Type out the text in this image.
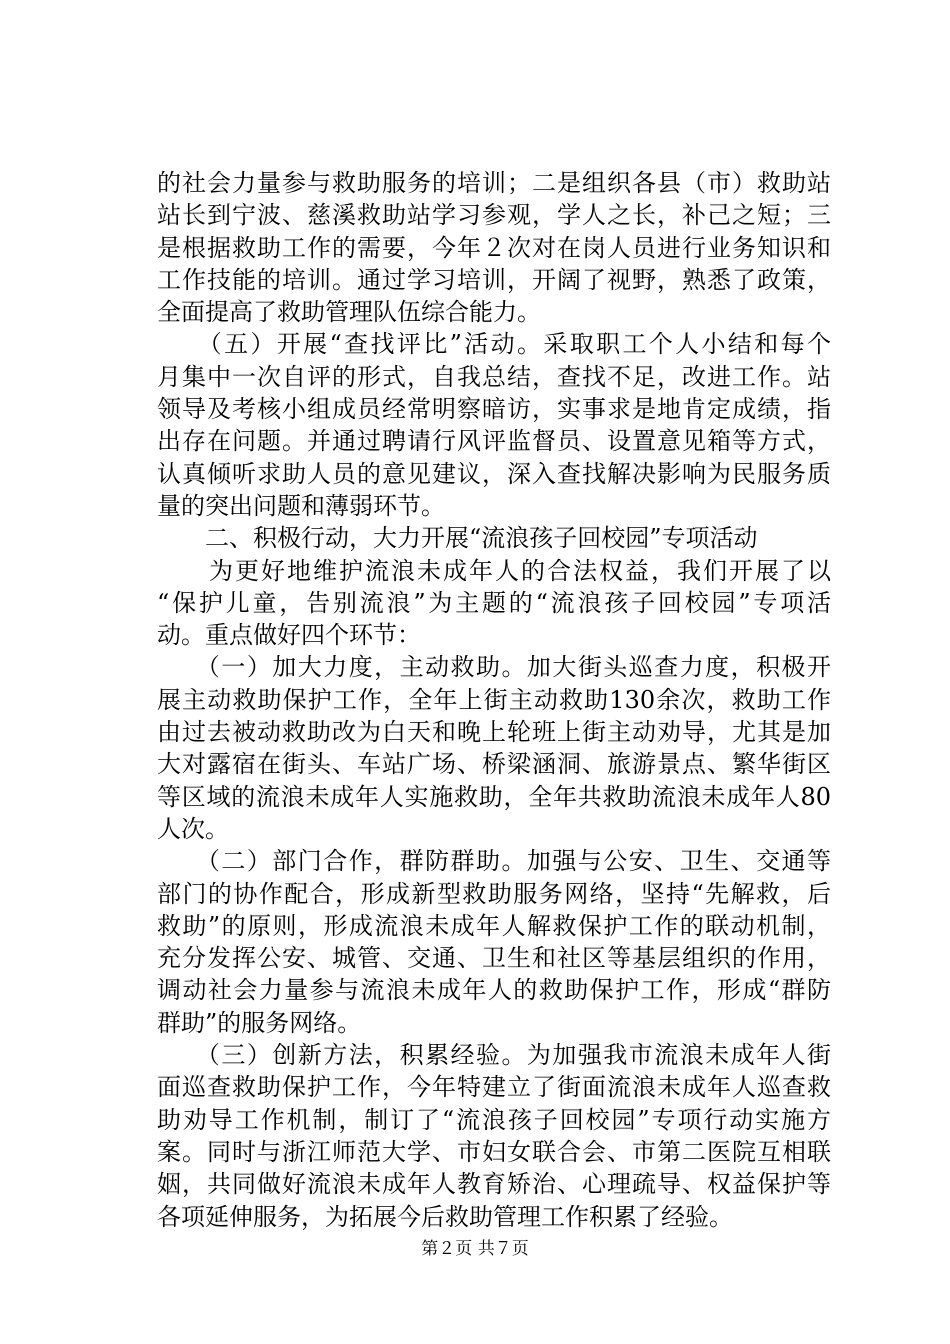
的社会力量参与救助服务的培训；二是组织各县（市）救助站
站长到宁波、慈溪救助站学习参观，学人之长，补己之短；三
是根据救助工作的需要，今年２次对在岗人员进行业务知识和
工作技能的培训。通过学习培训，开阔了视野，熟悉了政策，
全面提高了救助管理队伍综合能力。
　　（五）开展“查找评比”活动。采取职工个人小结和每个
月集中一次自评的形式，自我总结，查找不足，改进工作。站
领导及考核小组成员经常明察暗访，实事求是地肯定成绩，指
出存在问题。并通过聘请行风评监督员、设置意见箱等方式，
认真倾听求助人员的意见建议，深入查找解决影响为民服务质
量的突出问题和薄弱环节。
　　二、积极行动，大力开展“流浪孩子回校园”专项活动
　　为更好地维护流浪未成年人的合法权益，我们开展了以
“保护儿童，告别流浪”为主题的“流浪孩子回校园”专项活
动。重点做好四个环节：
　　（一）加大力度，主动救助。加大街头巡查力度，积极开
展主动救助保护工作，全年上街主动救助130余次，救助工作
由过去被动救助改为白天和晚上轮班上街主动劝导，尤其是加
大对露宿在街头、车站广场、桥梁涵洞、旅游景点、繁华街区
等区域的流浪未成年人实施救助，全年共救助流浪未成年人80
人次。
　　（二）部门合作，群防群助。加强与公安、卫生、交通等
部门的协作配合，形成新型救助服务网络，坚持“先解救，后
救助”的原则，形成流浪未成年人解救保护工作的联动机制，
充分发挥公安、城管、交通、卫生和社区等基层组织的作用，
调动社会力量参与流浪未成年人的救助保护工作，形成“群防
群助”的服务网络。
　　（三）创新方法，积累经验。为加强我市流浪未成年人街
面巡查救助保护工作，今年特建立了街面流浪未成年人巡查救
助劝导工作机制，制订了“流浪孩子回校园”专项行动实施方
案。同时与浙江师范大学、市妇女联合会、市第二医院互相联
姻，共同做好流浪未成年人教育矫治、心理疏导、权益保护等
各项延伸服务，为拓展今后救助管理工作积累了经验。
第２页 共７页
